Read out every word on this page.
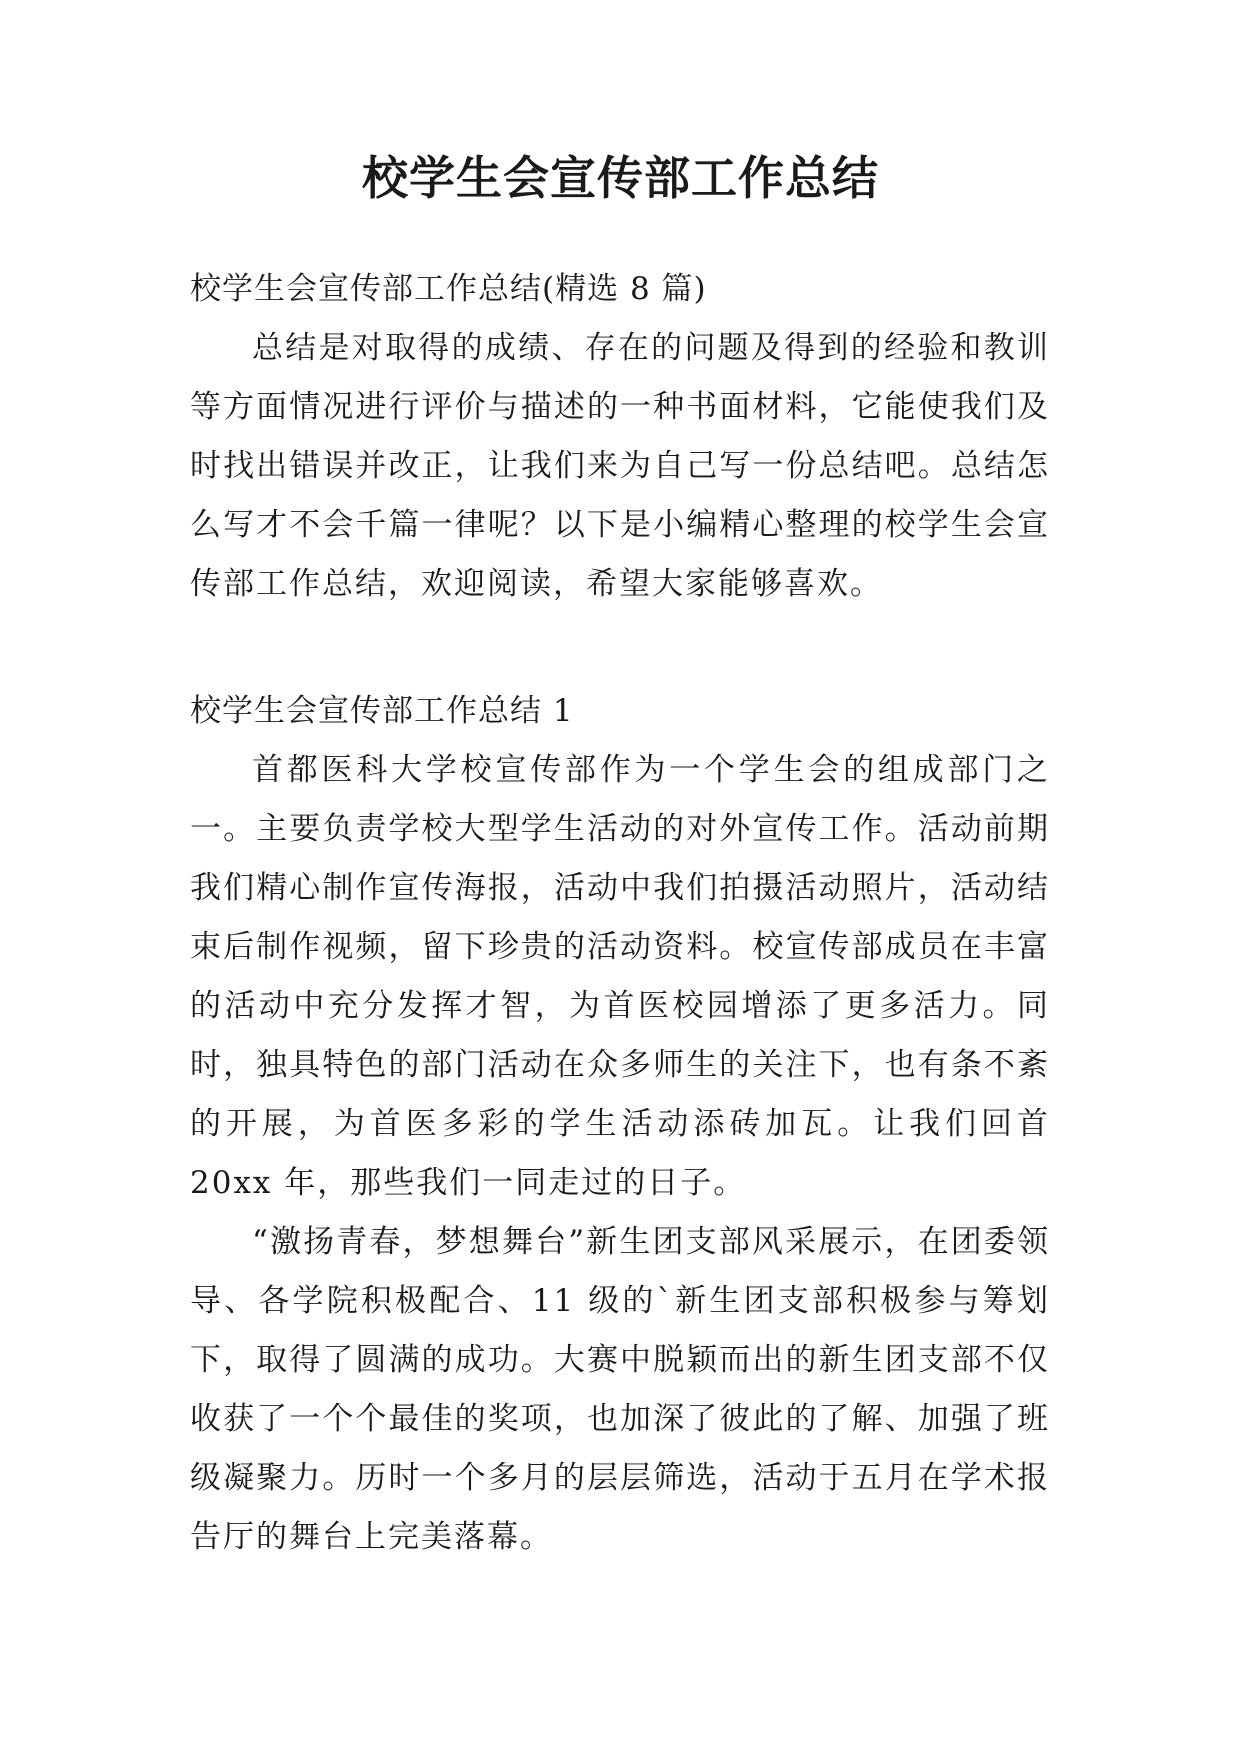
校学生会宣传部工作总结

校学生会宣传部工作总结(精选 8 篇)

总结是对取得的成绩、存在的问题及得到的经验和教训等方面情况进行评价与描述的一种书面材料，它能使我们及时找出错误并改正，让我们来为自己写一份总结吧。总结怎么写才不会千篇一律呢？以下是小编精心整理的校学生会宣传部工作总结，欢迎阅读，希望大家能够喜欢。

校学生会宣传部工作总结 1

首都医科大学校宣传部作为一个学生会的组成部门之一。主要负责学校大型学生活动的对外宣传工作。活动前期我们精心制作宣传海报，活动中我们拍摄活动照片，活动结束后制作视频，留下珍贵的活动资料。校宣传部成员在丰富的活动中充分发挥才智，为首医校园增添了更多活力。同时，独具特色的部门活动在众多师生的关注下，也有条不紊的开展，为首医多彩的学生活动添砖加瓦。让我们回首 20xx 年，那些我们一同走过的日子。

“激扬青春，梦想舞台”新生团支部风采展示，在团委领导、各学院积极配合、11 级的`新生团支部积极参与筹划下，取得了圆满的成功。大赛中脱颖而出的新生团支部不仅收获了一个个最佳的奖项，也加深了彼此的了解、加强了班级凝聚力。历时一个多月的层层筛选，活动于五月在学术报告厅的舞台上完美落幕。
